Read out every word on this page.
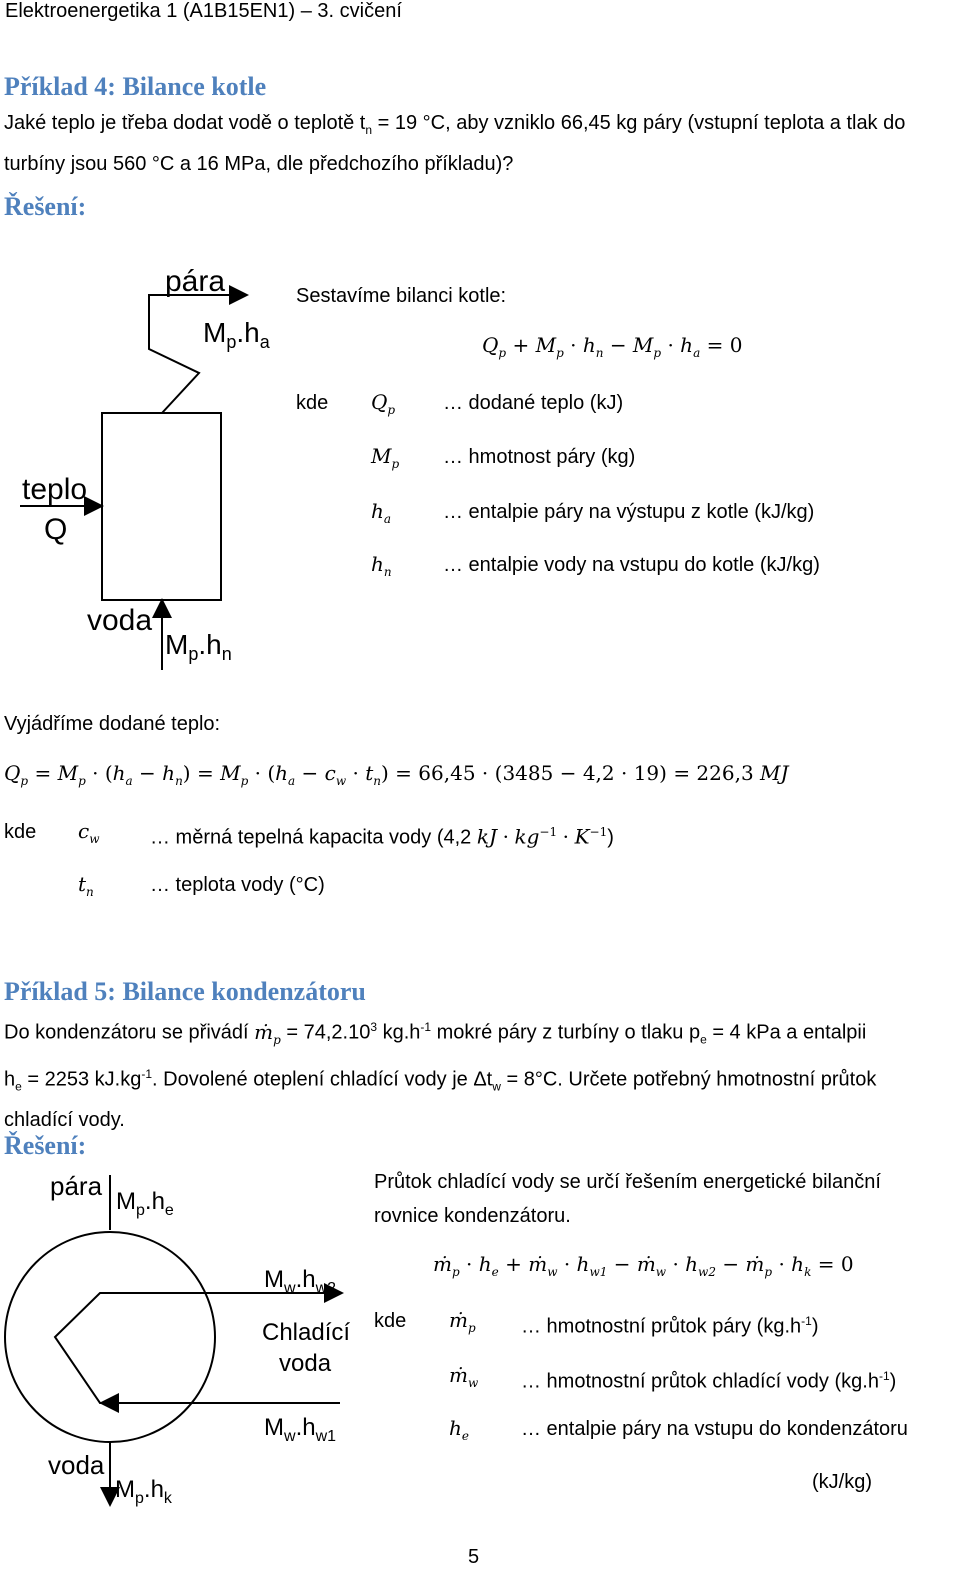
Elektroenergetika 1 (A1B15EN1) – 3. cvičení
Příklad 4: Bilance kotle
Jaké teplo je třeba dodat vodě o teplotě $t_n = 19$ °C, aby vzniklo 66,45 kg páry (vstupní teplota a tlak do
turbíny jsou 560 °C a 16 MPa, dle předchozího příkladu)?
Řešení:
pára
$M_p.h_a$
teplo
Q
voda
$M_p.h_n$
Sestavíme bilanci kotle:
$Q_p + M_p \cdot h_n - M_p \cdot h_a = 0$
kde $Q_p$ … dodané teplo (kJ)
$M_p$ … hmotnost páry (kg)
$h_a$	… entalpie páry na výstupu z kotle (kJ/kg)
$h_n$	… entalpie vody na vstupu do kotle (kJ/kg)
Vyjádříme dodané teplo:
$Q_p = M_p \cdot (h_a - h_n) = M_p \cdot (h_a - c_w \cdot t_n) = 66,45 \cdot (3485 - 4,2 \cdot 19) = 226,3$ MJ
kde $c_w$	… měrná tepelná kapacita vody (4,2 kJ · $kg^{-1} \cdot K^{-1}$)
$t_n$	… teplota vody (°C)
Příklad 5: Bilance kondenzátoru
Do kondenzátoru se přivádí ṁ$_p$ = $74,2.10^3$ $kg.h^{-1}$ mokré páry z turbíny o tlaku $p_e = 4$ kPa a entalpii
$h_e = 2253$ $kJ.kg^{-1}$. Dovolené oteplení chladící vody je $\Delta t_w = 8^\circ C$. Určete potřebný hmotnostní průtok
chladící vody.
Řešení:
pára
$M_p.h_e$
$M_w.h_{w2}$
Chladící
voda
$M_w.h_{w1}$
voda
$M_p.h_k$
Průtok chladící vody se určí řešením energetické bilanční
rovnice kondenzátoru.
ṁ$_p$ · $h_e$ + ṁ$_w$ · $h_{w1}$ − ṁ$_w$ · $h_{w2}$ − ṁ$_p$ · $h_k = 0$
kde ṁ$_p$ … hmotnostní průtok páry $(kg.h^{-1})$
ṁ$_w$ … hmotnostní průtok chladící vody $(kg.h^{-1})$
$h_e$	… entalpie páry na vstupu do kondenzátoru
(kJ/kg)
5
